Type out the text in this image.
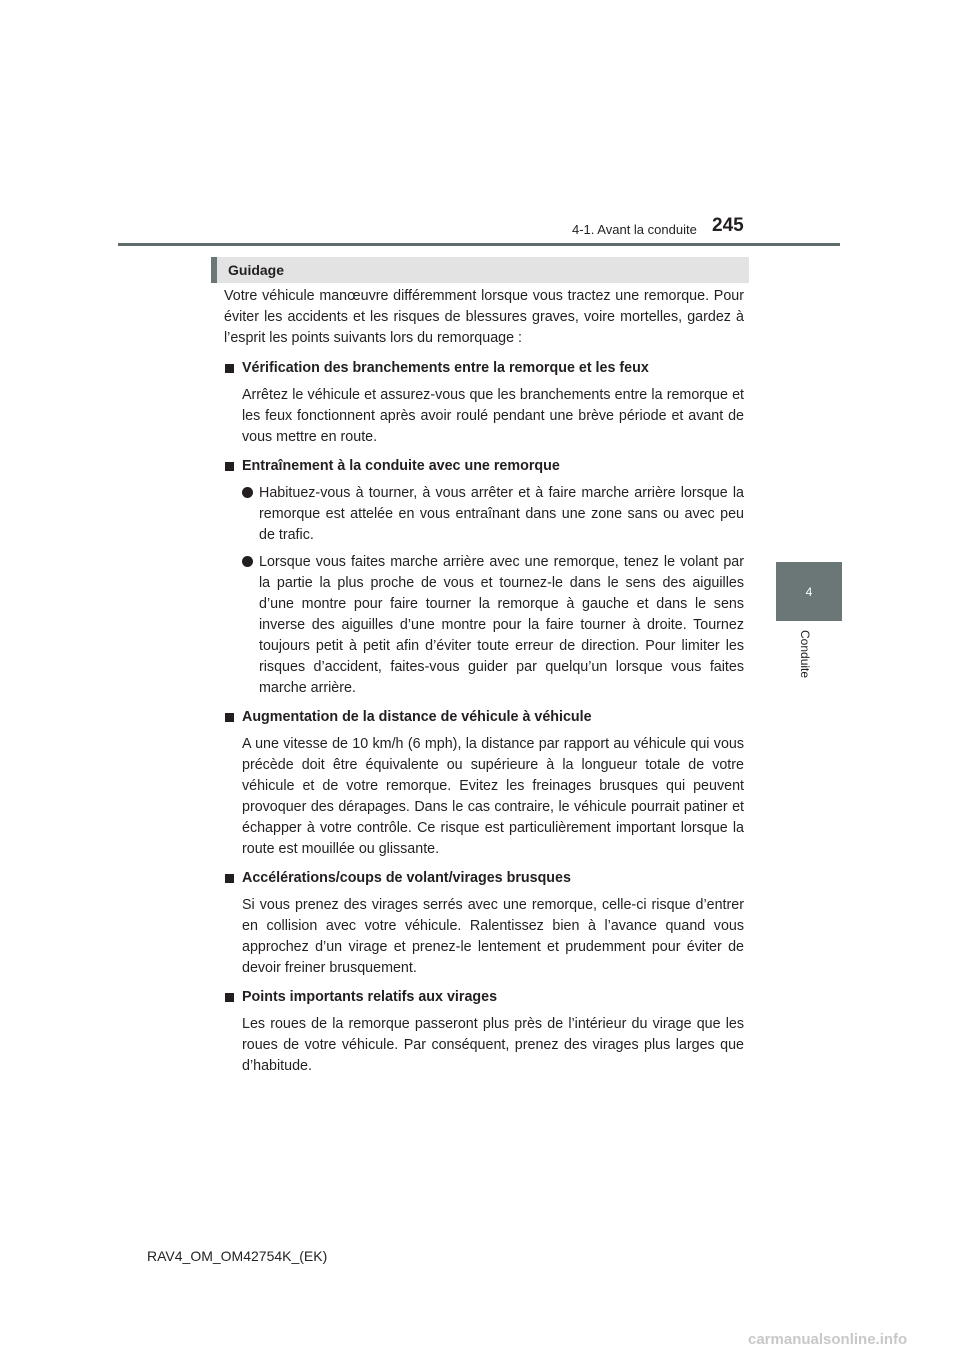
4-1. Avant la conduite 245
4
Conduite
Guidage

Votre véhicule manœuvre différemment lorsque vous tractez une remorque. Pour éviter les accidents et les risques de blessures graves, voire mortelles, gardez à l’esprit les points suivants lors du remorquage :

Vérification des branchements entre la remorque et les feux

Arrêtez le véhicule et assurez-vous que les branchements entre la remorque et les feux fonctionnent après avoir roulé pendant une brève période et avant de vous mettre en route.

Entraînement à la conduite avec une remorque

Habituez-vous à tourner, à vous arrêter et à faire marche arrière lorsque la remorque est attelée en vous entraînant dans une zone sans ou avec peu de trafic.

Lorsque vous faites marche arrière avec une remorque, tenez le volant par la partie la plus proche de vous et tournez-le dans le sens des aiguilles d’une montre pour faire tourner la remorque à gauche et dans le sens inverse des aiguilles d’une montre pour la faire tourner à droite. Tournez toujours petit à petit afin d’éviter toute erreur de direction. Pour limiter les risques d’accident, faites-vous guider par quelqu’un lorsque vous faites marche arrière.

Augmentation de la distance de véhicule à véhicule

A une vitesse de 10 km/h (6 mph), la distance par rapport au véhicule qui vous précède doit être équivalente ou supérieure à la longueur totale de votre véhicule et de votre remorque. Evitez les freinages brusques qui peuvent provoquer des dérapages. Dans le cas contraire, le véhicule pourrait patiner et échapper à votre contrôle. Ce risque est particulièrement important lorsque la route est mouillée ou glissante.

Accélérations/coups de volant/virages brusques

Si vous prenez des virages serrés avec une remorque, celle-ci risque d’entrer en collision avec votre véhicule. Ralentissez bien à l’avance quand vous approchez d’un virage et prenez-le lentement et prudemment pour éviter de devoir freiner brusquement.

Points importants relatifs aux virages

Les roues de la remorque passeront plus près de l’intérieur du virage que les roues de votre véhicule. Par conséquent, prenez des virages plus larges que d’habitude.

RAV4_OM_OM42754K_(EK)
carmanualsonline.info
